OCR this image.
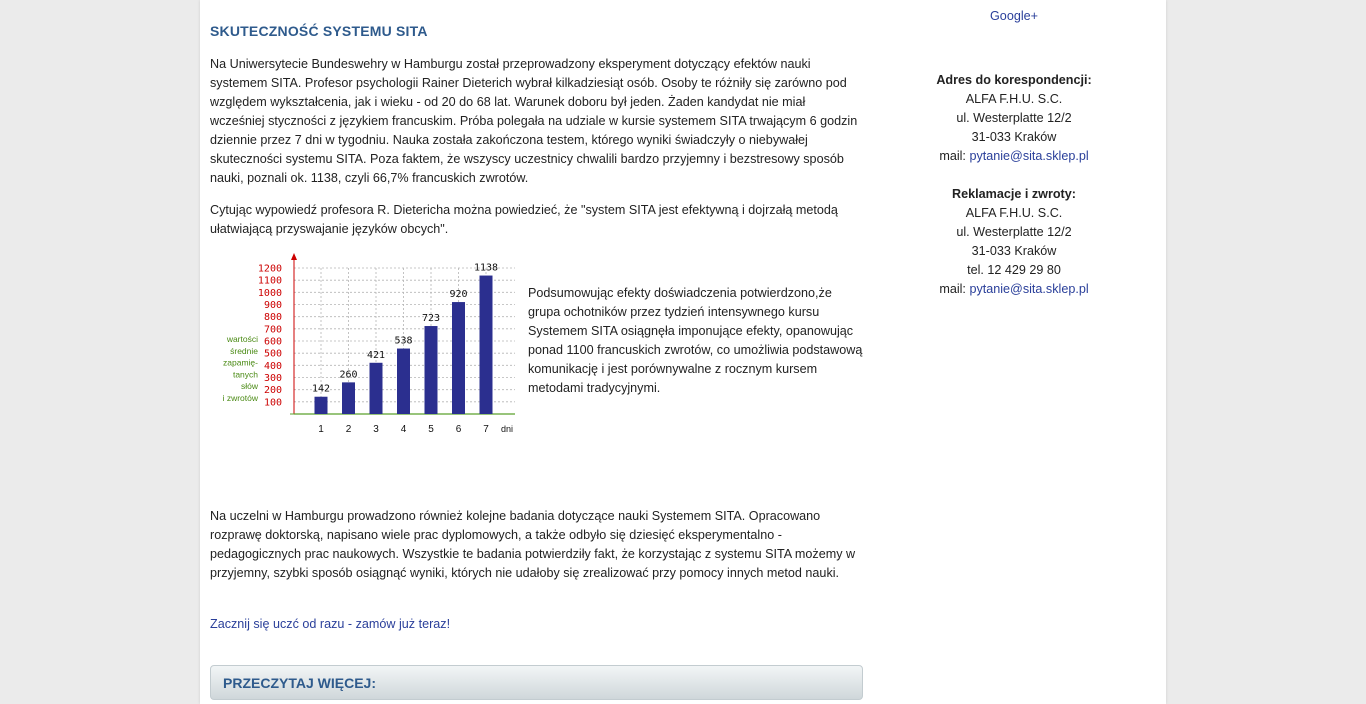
SKUTECZNOŚĆ SYSTEMU SITA

Na Uniwersytecie Bundeswehry w Hamburgu został przeprowadzony eksperyment dotyczący efektów nauki systemem SITA. Profesor psychologii Rainer Dieterich wybrał kilkadziesiąt osób. Osoby te różniły się zarówno pod względem wykształcenia, jak i wieku - od 20 do 68 lat. Warunek doboru był jeden. Żaden kandydat nie miał wcześniej styczności z językiem francuskim. Próba polegała na udziale w kursie systemem SITA trwającym 6 godzin dziennie przez 7 dni w tygodniu. Nauka została zakończona testem, którego wyniki świadczyły o niebywałej skuteczności systemu SITA. Poza faktem, że wszyscy uczestnicy chwalili bardzo przyjemny i bezstresowy sposób nauki, poznali ok. 1138, czyli 66,7% francuskich zwrotów.

Cytując wypowiedź profesora R. Dietericha można powiedzieć, że "system SITA jest efektywną i dojrzałą metodą ułatwiającą przyswajanie języków obcych".

100
200
300
400
500
600
700
800
900
1000
1100
1200
142
1
260
2
421
3
538
4
723
5
920
6
1138
7 dni
wartości
średnie
zapamię-
tanych
słów
i zwrotów
Podsumowując efekty doświadczenia potwierdzono,że grupa ochotników przez tydzień intensywnego kursu Systemem SITA osiągnęła imponujące efekty, opanowując ponad 1100 francuskich zwrotów, co umożliwia podstawową komunikację i jest porównywalne z rocznym kursem metodami tradycyjnymi.

Na uczelni w Hamburgu prowadzono również kolejne badania dotyczące nauki Systemem SITA. Opracowano rozprawę doktorską, napisano wiele prac dyplomowych, a także odbyło się dziesięć eksperymentalno - pedagogicznych prac naukowych. Wszystkie te badania potwierdziły fakt, że korzystając z systemu SITA możemy w przyjemny, szybki sposób osiągnąć wyniki, których nie udałoby się zrealizować przy pomocy innych metod nauki.

Zacznij się uczć od razu - zamów już teraz!

PRZECZYTAJ WIĘCEJ:
Google+
Adres do korespondencji:
ALFA F.H.U. S.C.
ul. Westerplatte 12/2
31-033 Kraków
mail: pytanie@sita.sklep.pl
Reklamacje i zwroty:
ALFA F.H.U. S.C.
ul. Westerplatte 12/2
31-033 Kraków
tel. 12 429 29 80
mail: pytanie@sita.sklep.pl
